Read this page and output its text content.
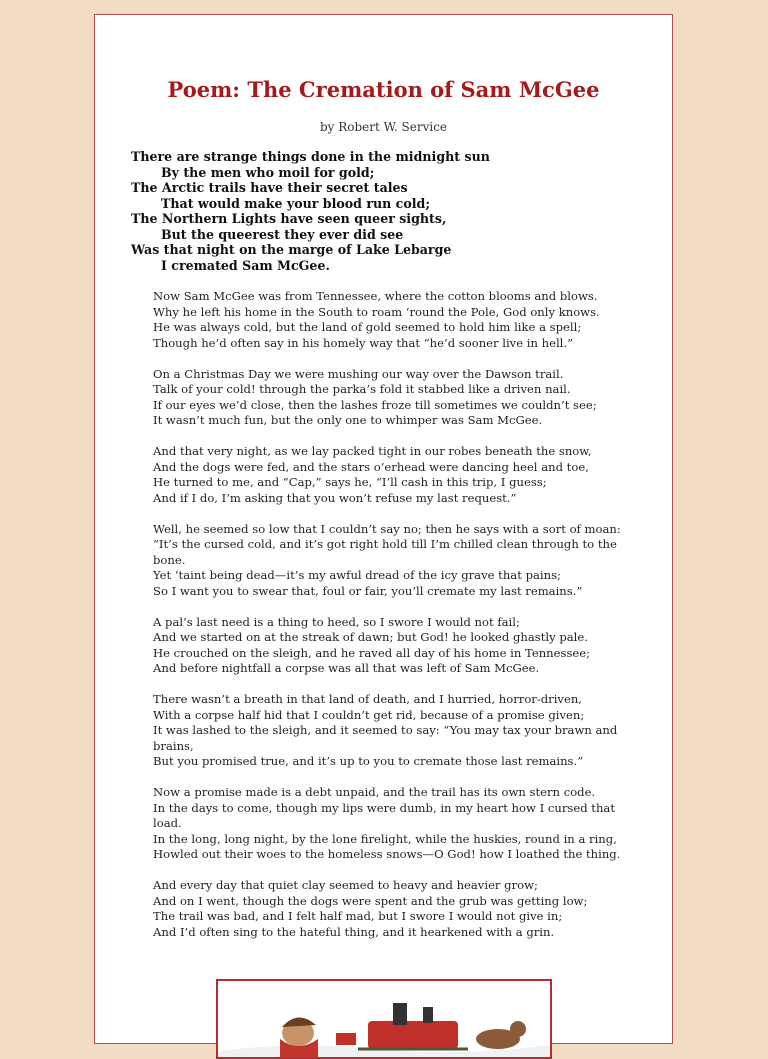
Poem: The Cremation of Sam McGee
by Robert W. Service
There are strange things done in the midnight sun
By the men who moil for gold;
The Arctic trails have their secret tales
That would make your blood run cold;
The Northern Lights have seen queer sights,
But the queerest they ever did see
Was that night on the marge of Lake Lebarge
I cremated Sam McGee.
Now Sam McGee was from Tennessee, where the cotton blooms and blows.
Why he left his home in the South to roam ‘round the Pole, God only knows.
He was always cold, but the land of gold seemed to hold him like a spell;
Though he’d often say in his homely way that “he’d sooner live in hell.”
On a Christmas Day we were mushing our way over the Dawson trail.
Talk of your cold! through the parka’s fold it stabbed like a driven nail.
If our eyes we’d close, then the lashes froze till sometimes we couldn’t see;
It wasn’t much fun, but the only one to whimper was Sam McGee.
And that very night, as we lay packed tight in our robes beneath the snow,
And the dogs were fed, and the stars o’erhead were dancing heel and toe,
He turned to me, and “Cap,” says he, “I’ll cash in this trip, I guess;
And if I do, I’m asking that you won’t refuse my last request.”
Well, he seemed so low that I couldn’t say no; then he says with a sort of moan:
“It’s the cursed cold, and it’s got right hold till I’m chilled clean through to the bone.
Yet ‘taint being dead—it’s my awful dread of the icy grave that pains;
So I want you to swear that, foul or fair, you’ll cremate my last remains.”
A pal’s last need is a thing to heed, so I swore I would not fail;
And we started on at the streak of dawn; but God! he looked ghastly pale.
He crouched on the sleigh, and he raved all day of his home in Tennessee;
And before nightfall a corpse was all that was left of Sam McGee.
There wasn’t a breath in that land of death, and I hurried, horror-driven,
With a corpse half hid that I couldn’t get rid, because of a promise given;
It was lashed to the sleigh, and it seemed to say: “You may tax your brawn and brains,
But you promised true, and it’s up to you to cremate those last remains.”
Now a promise made is a debt unpaid, and the trail has its own stern code.
In the days to come, though my lips were dumb, in my heart how I cursed that load.
In the long, long night, by the lone firelight, while the huskies, round in a ring,
Howled out their woes to the homeless snows—O God! how I loathed the thing.
And every day that quiet clay seemed to heavy and heavier grow;
And on I went, though the dogs were spent and the grub was getting low;
The trail was bad, and I felt half mad, but I swore I would not give in;
And I’d often sing to the hateful thing, and it hearkened with a grin.
